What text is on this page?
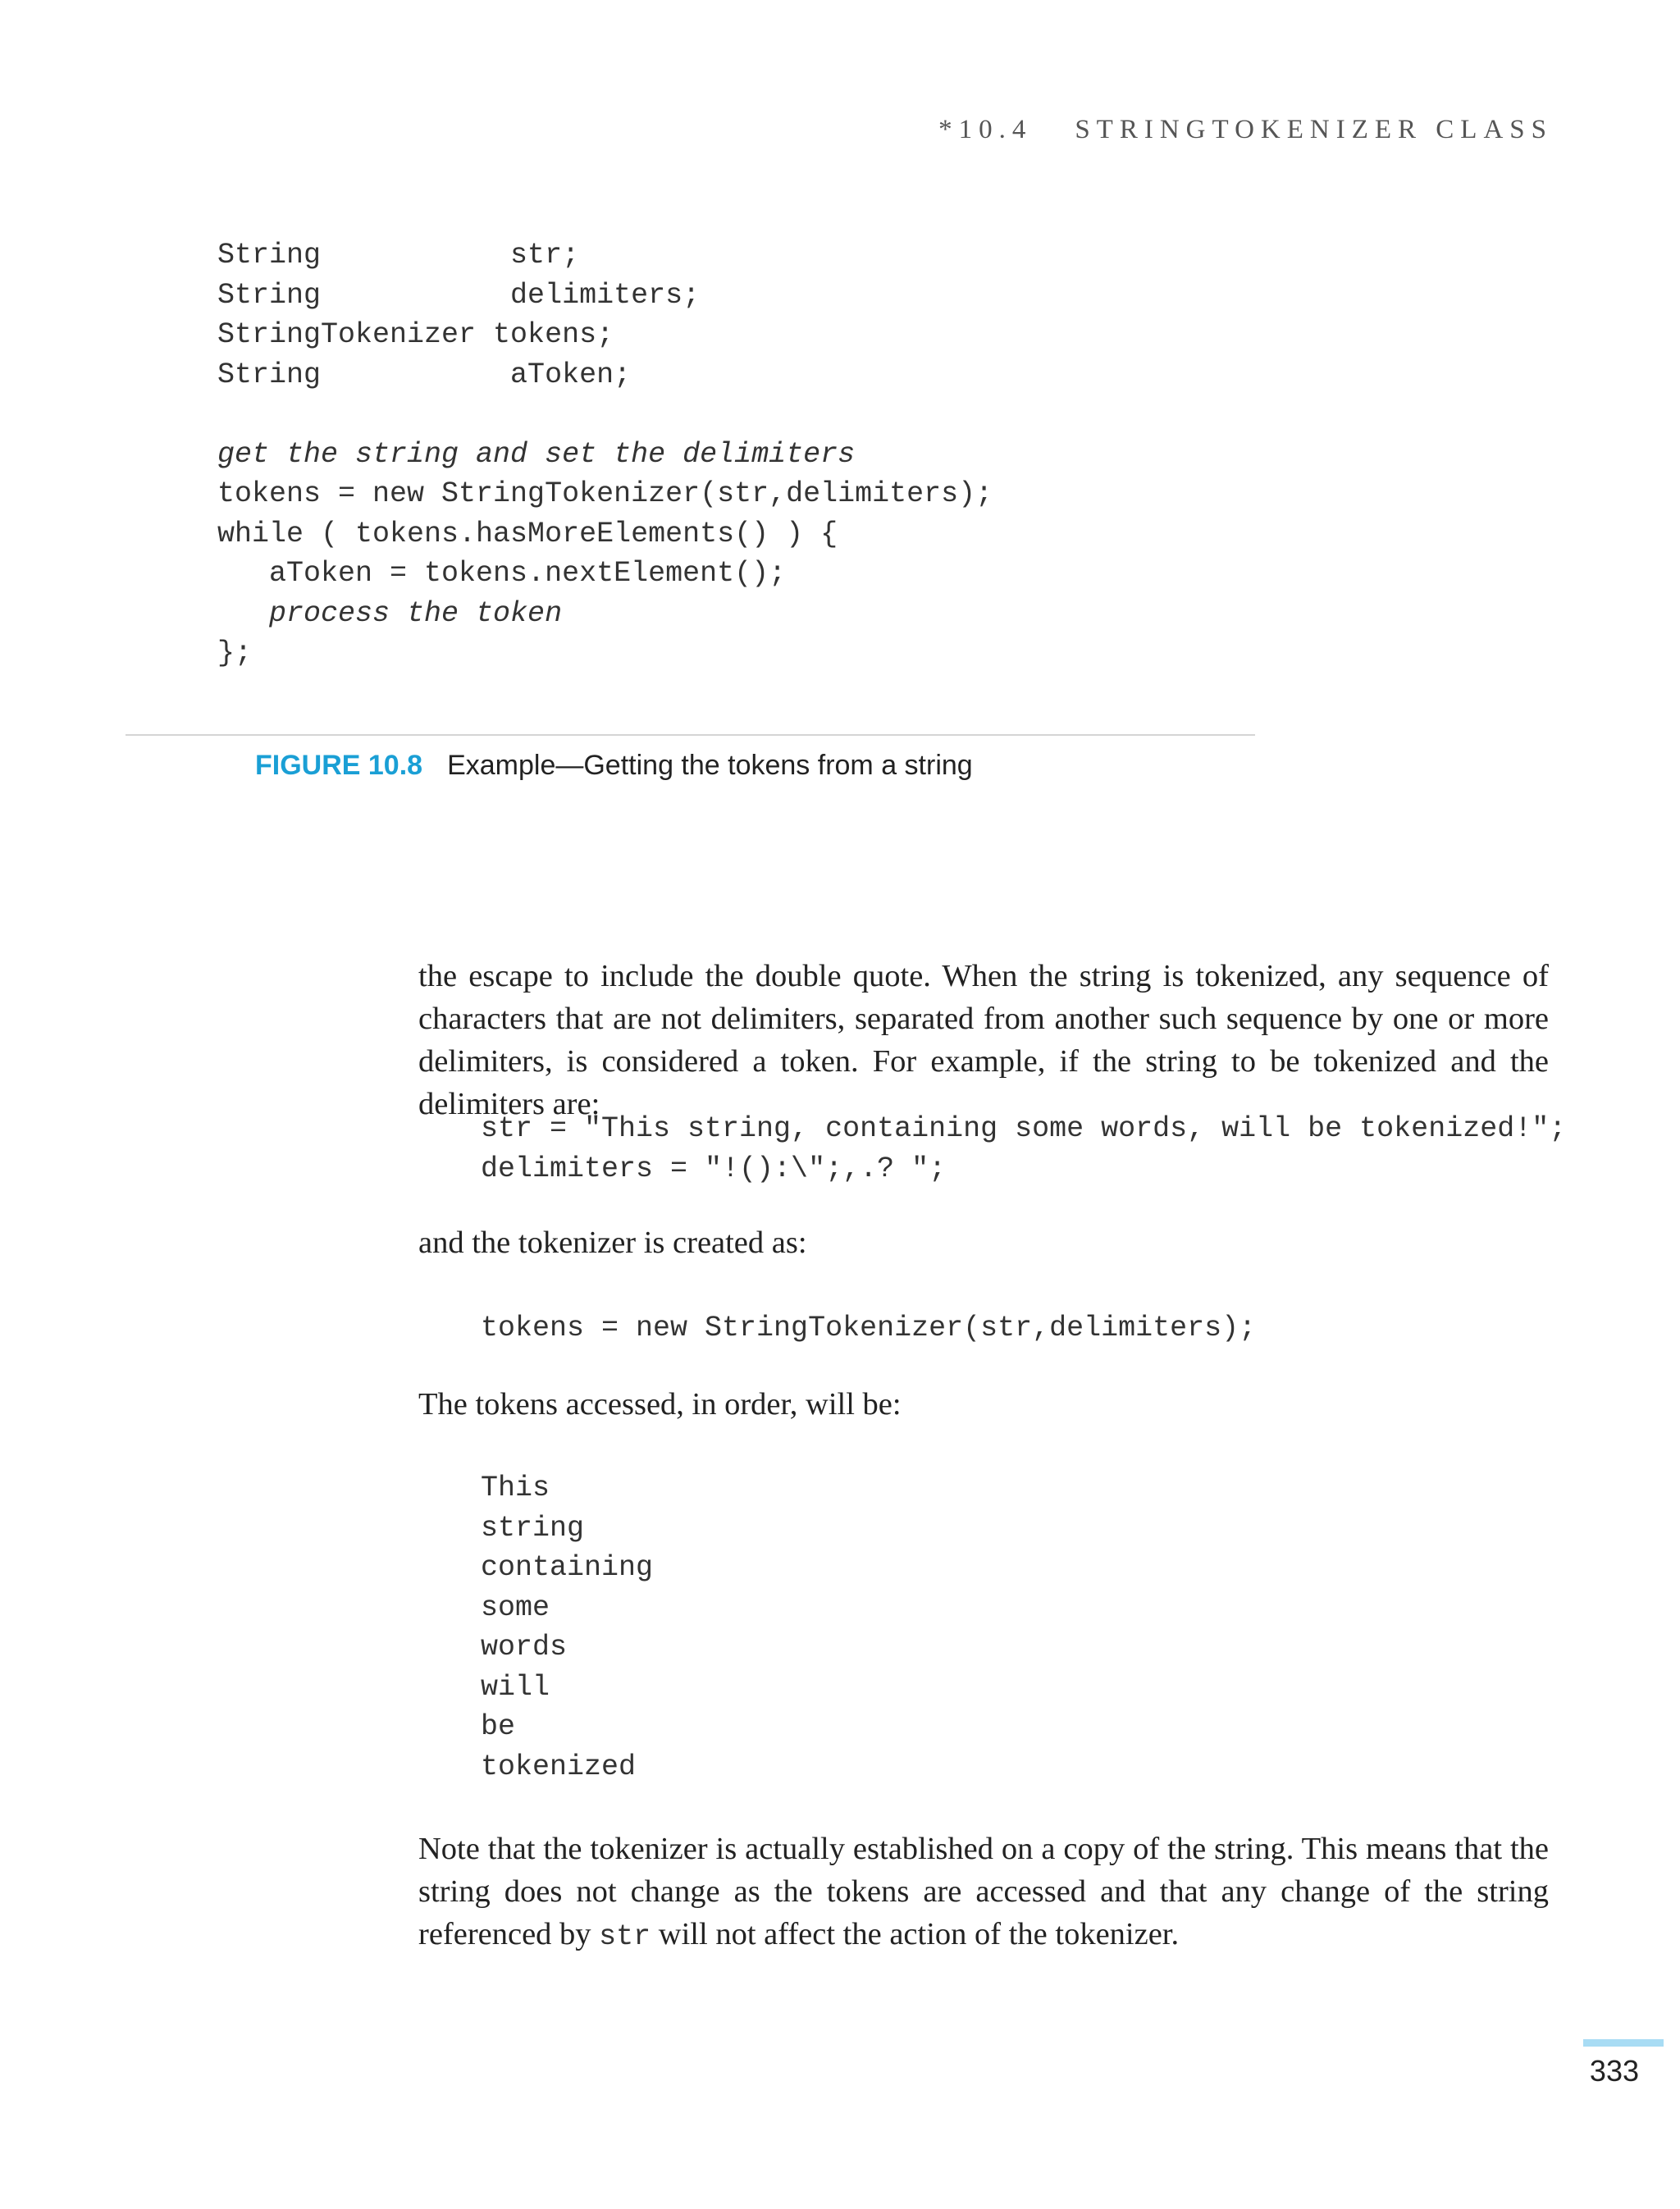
*10.4 STRINGTOKENIZER CLASS
String           str;
String           delimiters;
StringTokenizer tokens;
String           aToken;
get the string and set the delimiters
tokens = new StringTokenizer(str,delimiters);
while ( tokens.hasMoreElements() ) {
aToken = tokens.nextElement();
process the token
};
FIGURE 10.8 Example—Getting the tokens from a string

the escape to include the double quote. When the string is tokenized, any sequence of characters that are not delimiters, separated from another such sequence by one or more delimiters, is considered a token. For example, if the string to be tokenized and the delimiters are:

str = "This string, containing some words, will be tokenized!";
delimiters = "!():\";,.? ";

and the tokenizer is created as:

tokens = new StringTokenizer(str,delimiters);

The tokens accessed, in order, will be:

This
string
containing
some
words
will
be
tokenized

Note that the tokenizer is actually established on a copy of the string. This means that the string does not change as the tokens are accessed and that any change of the string referenced by str will not affect the action of the tokenizer.

333
